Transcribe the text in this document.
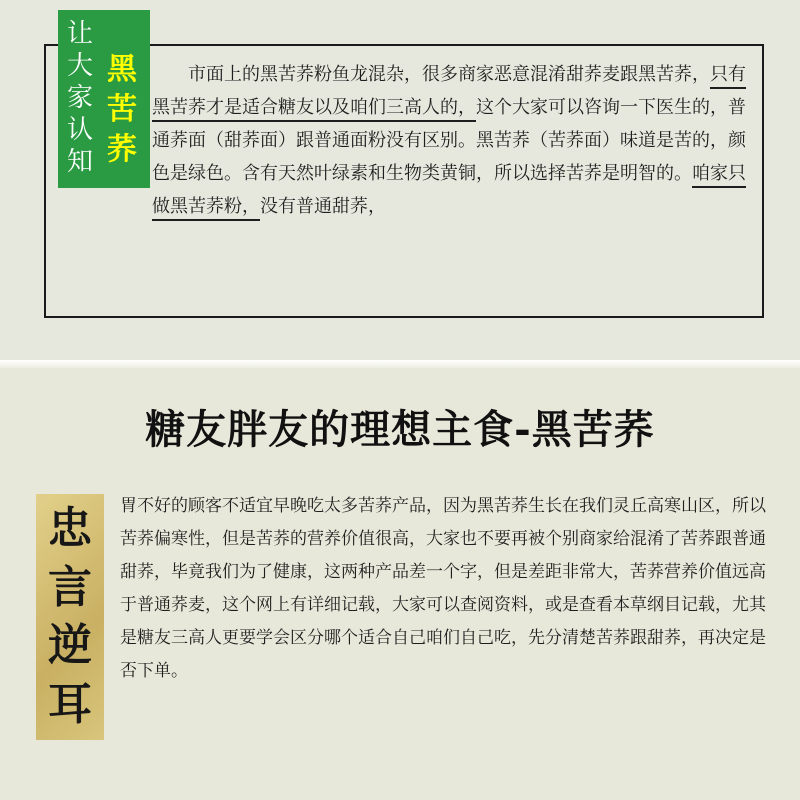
让
大
家
认
知
黑
苦
荞

　　市面上的黑苦荞粉鱼龙混杂，很多商家恶意混淆甜荞麦跟黑苦荞，只有黑苦荞才是适合糖友以及咱们三高人的，这个大家可以咨询一下医生的，普通荞面（甜荞面）跟普通面粉没有区别。黑苦荞（苦荞面）味道是苦的，颜色是绿色。含有天然叶绿素和生物类黄铜，所以选择苦荞是明智的。咱家只做黑苦荞粉，没有普通甜荞，

糖友胖友的理想主食-黑苦荞
忠
言
逆
耳

胃不好的顾客不适宜早晚吃太多苦荞产品，因为黑苦荞生长在我们灵丘高寒山区，所以苦荞偏寒性，但是苦荞的营养价值很高，大家也不要再被个别商家给混淆了苦荞跟普通甜荞，毕竟我们为了健康，这两种产品差一个字，但是差距非常大，苦荞营养价值远高于普通荞麦，这个网上有详细记载，大家可以查阅资料，或是查看本草纲目记载，尤其是糖友三高人更要学会区分哪个适合自己咱们自己吃，先分清楚苦荞跟甜荞，再决定是否下单。
